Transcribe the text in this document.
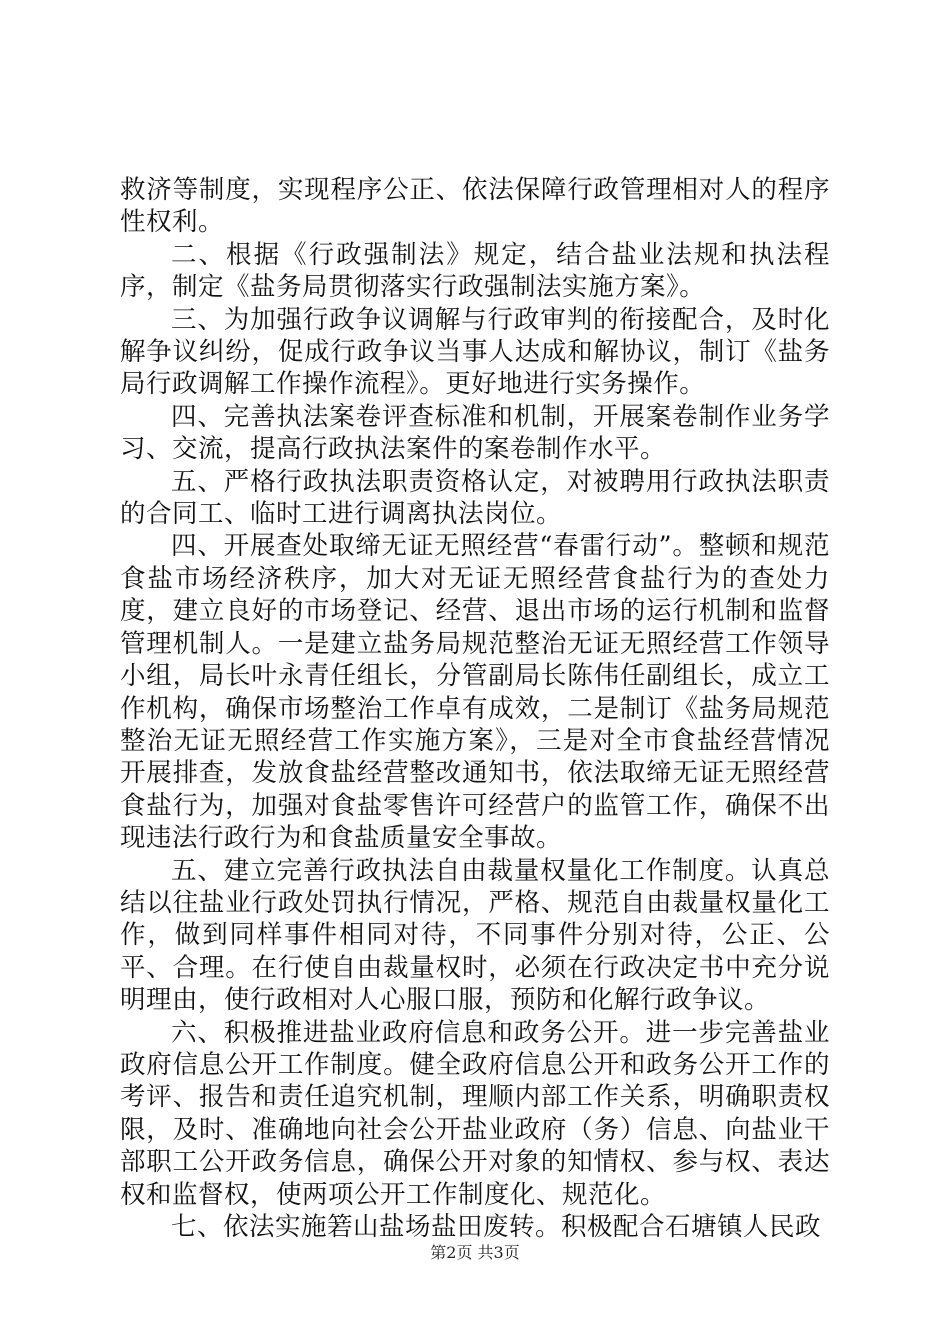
救济等制度，实现程序公正、依法保障行政管理相对人的程序性权利。

二、根据《行政强制法》规定，结合盐业法规和执法程序，制定《盐务局贯彻落实行政强制法实施方案》。

三、为加强行政争议调解与行政审判的衔接配合，及时化解争议纠纷，促成行政争议当事人达成和解协议，制订《盐务局行政调解工作操作流程》。更好地进行实务操作。

四、完善执法案卷评查标准和机制，开展案卷制作业务学习、交流，提高行政执法案件的案卷制作水平。

五、严格行政执法职责资格认定，对被聘用行政执法职责的合同工、临时工进行调离执法岗位。

四、开展查处取缔无证无照经营“春雷行动”。整顿和规范食盐市场经济秩序，加大对无证无照经营食盐行为的查处力度，建立良好的市场登记、经营、退出市场的运行机制和监督管理机制人。一是建立盐务局规范整治无证无照经营工作领导小组，局长叶永青任组长，分管副局长陈伟任副组长，成立工作机构，确保市场整治工作卓有成效，二是制订《盐务局规范整治无证无照经营工作实施方案》，三是对全市食盐经营情况开展排查，发放食盐经营整改通知书，依法取缔无证无照经营食盐行为，加强对食盐零售许可经营户的监管工作，确保不出现违法行政行为和食盐质量安全事故。

五、建立完善行政执法自由裁量权量化工作制度。认真总结以往盐业行政处罚执行情况，严格、规范自由裁量权量化工作，做到同样事件相同对待，不同事件分别对待，公正、公平、合理。在行使自由裁量权时，必须在行政决定书中充分说明理由，使行政相对人心服口服，预防和化解行政争议。

六、积极推进盐业政府信息和政务公开。进一步完善盐业政府信息公开工作制度。健全政府信息公开和政务公开工作的考评、报告和责任追究机制，理顺内部工作关系，明确职责权限，及时、准确地向社会公开盐业政府（务）信息、向盐业干部职工公开政务信息，确保公开对象的知情权、参与权、表达权和监督权，使两项公开工作制度化、规范化。

七、依法实施箬山盐场盐田废转。积极配合石塘镇人民政

第2页 共3页
